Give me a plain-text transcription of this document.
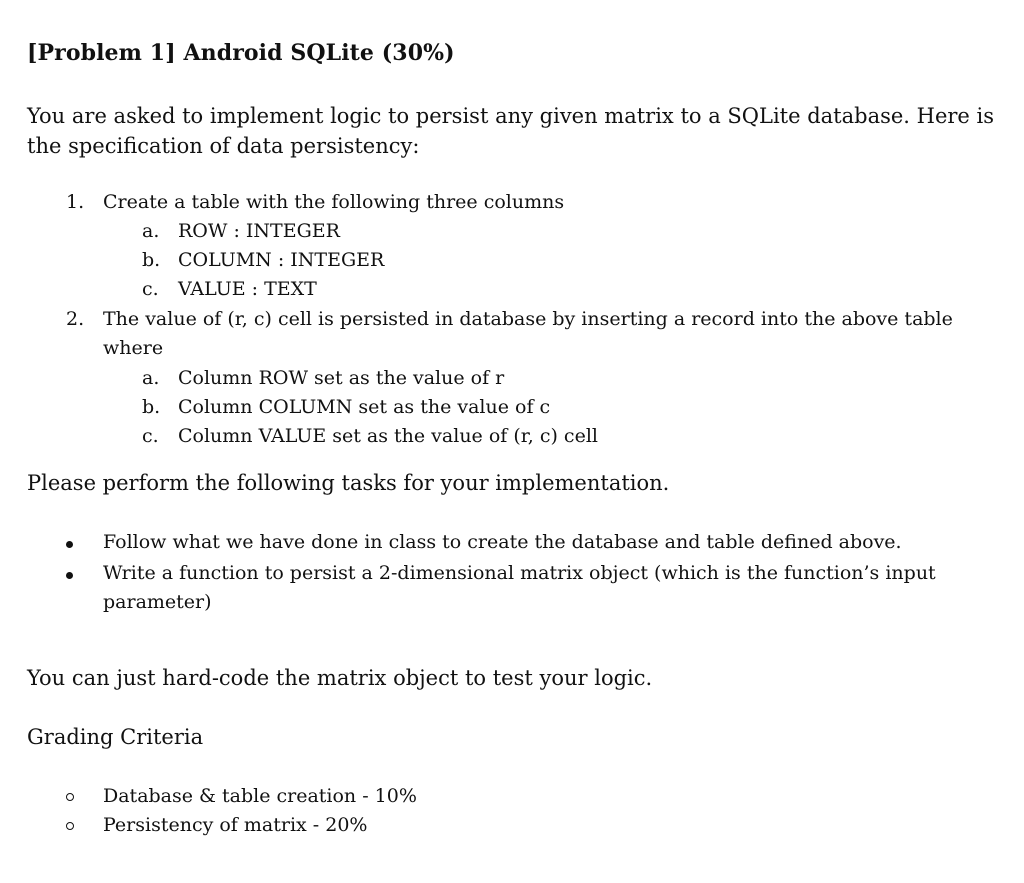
[Problem 1] Android SQLite (30%)
You are asked to implement logic to persist any given matrix to a SQLite database. Here is the specification of data persistency:
1. Create a table with the following three columns
a. ROW : INTEGER
b. COLUMN : INTEGER
c. VALUE : TEXT
2. The value of (r, c) cell is persisted in database by inserting a record into the above table where
a. Column ROW set as the value of r
b. Column COLUMN set as the value of c
c. Column VALUE set as the value of (r, c) cell
Please perform the following tasks for your implementation.
Follow what we have done in class to create the database and table defined above.
Write a function to persist a 2-dimensional matrix object (which is the function’s input parameter)
You can just hard-code the matrix object to test your logic.
Grading Criteria
Database & table creation - 10%
Persistency of matrix - 20%
